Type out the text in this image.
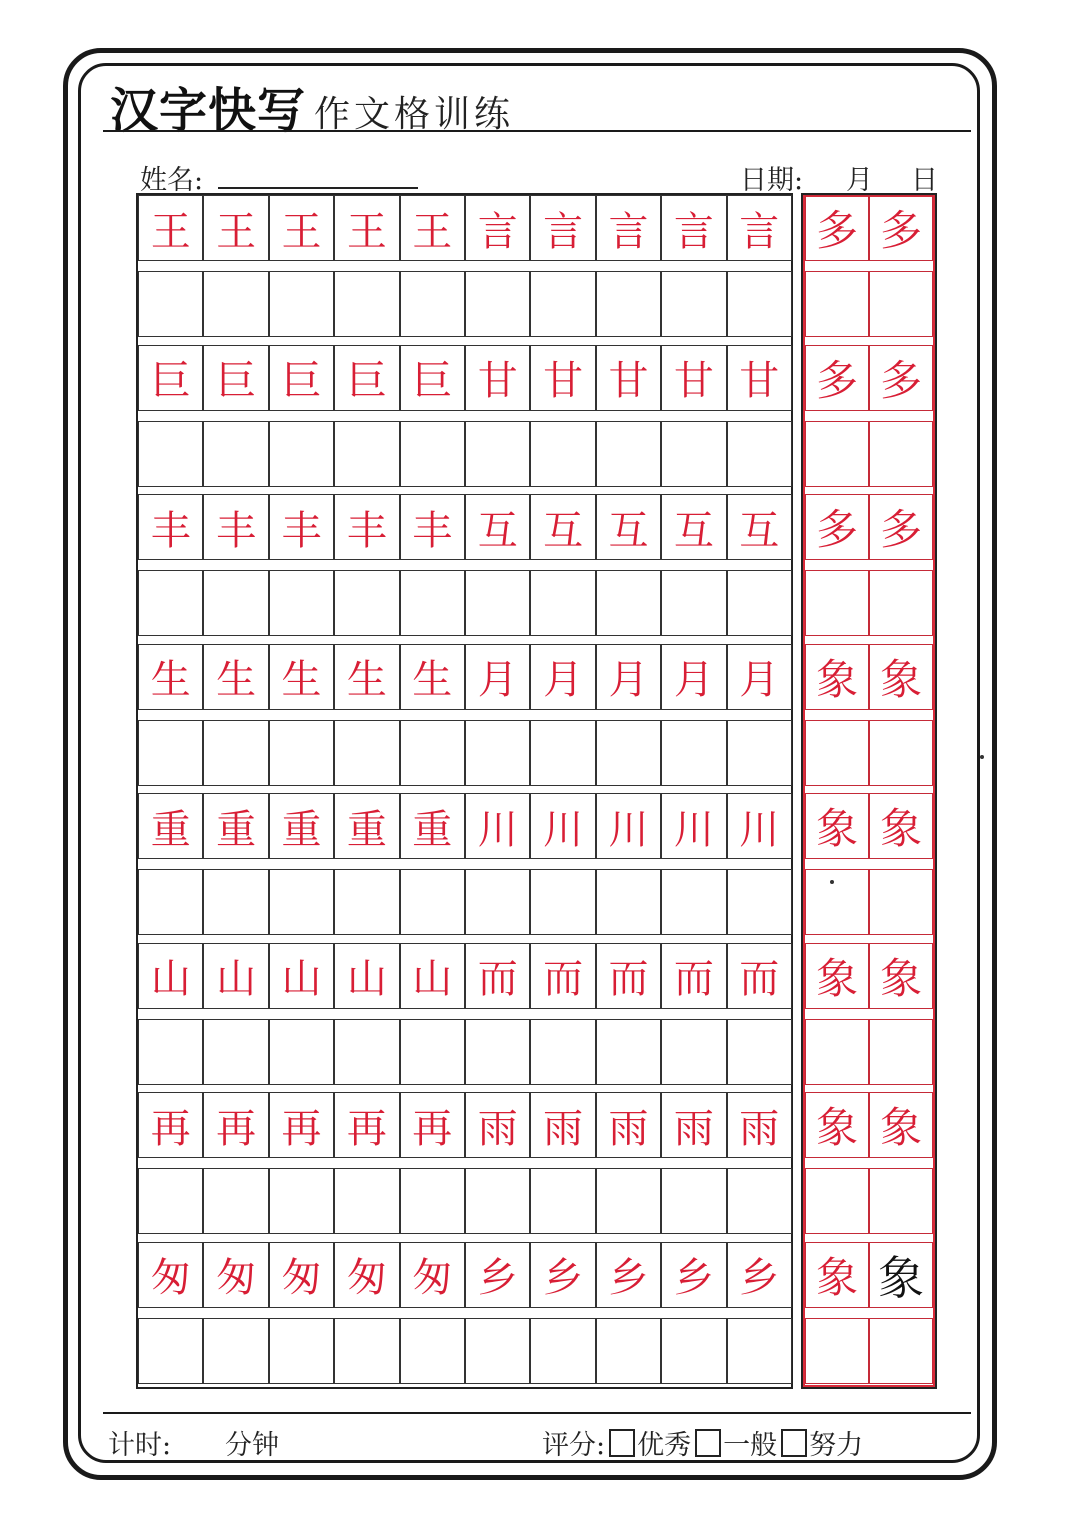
汉字快写 作文格训练
姓名:	日期: 月 日
王 王 王 王 王 言 言 言 言 言 多 多
巨 巨 巨 巨 巨 甘 甘 甘 甘 甘 多 多
丰 丰 丰 丰 丰 互 互 互 互 互 多 多
生 生 生 生 生 月 月 月 月 月 象 象
重 重 重 重 重 川 川 川 川 川 象 象
山 山 山 山 山 而 而 而 而 而 象 象
再 再 再 再 再 雨 雨 雨 雨 雨 象 象
匆 匆 匆 匆 匆 乡 乡 乡 乡 乡 象 象
计时: 分钟	评分: 优秀 一般 努力
